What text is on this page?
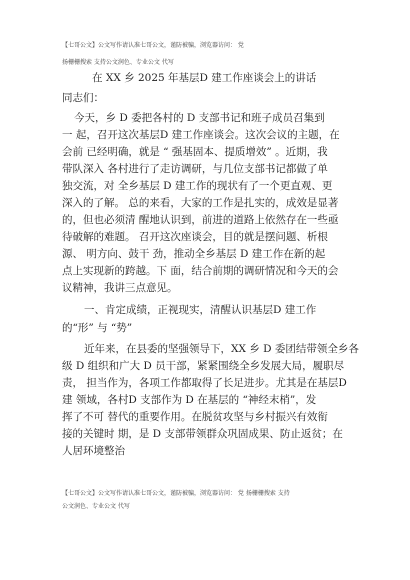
【七哥公文】公文写作请认准七哥公文，谨防被骗，浏览器访问： 党
扬栅栅搜索 支持公文润色、专业公文 代写
在 XX 乡 2025 年基层D 建工作座谈会上的讲话
同志们：
今天，乡 D 委把各村的 D 支部书记和班子成员召集到
一 起，召开这次基层D 建工作座谈会。这次会议的主题，在
会前 已经明确，就是 “ 强基固本、提质增效” 。近期，我
带队深入 各村进行了走访调研，与几位支部书记都做了单
独交流，对 全乡基层 D 建工作的现状有了一个更直观、更
深入的了解。 总的来看，大家的工作是扎实的，成效是显著
的，但也必须清 醒地认识到，前进的道路上依然存在一些亟
待破解的难题。 召开这次座谈会，目的就是摆问题、析根
源、 明方向、鼓干 劲，推动全乡基层 D 建工作在新的起
点上实现新的跨越。下 面，结合前期的调研情况和今天的会
议精神，我讲三点意见。
一、肯定成绩，正视现实，清醒认识基层D 建工作
的“形” 与 “势”
近年来，在县委的坚强领导下，XX 乡 D 委团结带领全乡各
级 D 组织和广大 D 员干部，紧紧围绕全乡发展大局，履职尽
责， 担当作为，各项工作都取得了长足进步。尤其是在基层D
建 领域，各村D 支部作为 D 在基层的 “神经末梢”，发
挥了不可 替代的重要作用。在脱贫攻坚与乡村振兴有效衔
接的关键时 期，是 D 支部带领群众巩固成果、防止返贫；在
人居环境整治
【七哥公文】公文写作请认准七哥公文，谨防被骗，浏览器访问： 党 扬栅栅搜索 支持
公文润色、专业公文 代写
